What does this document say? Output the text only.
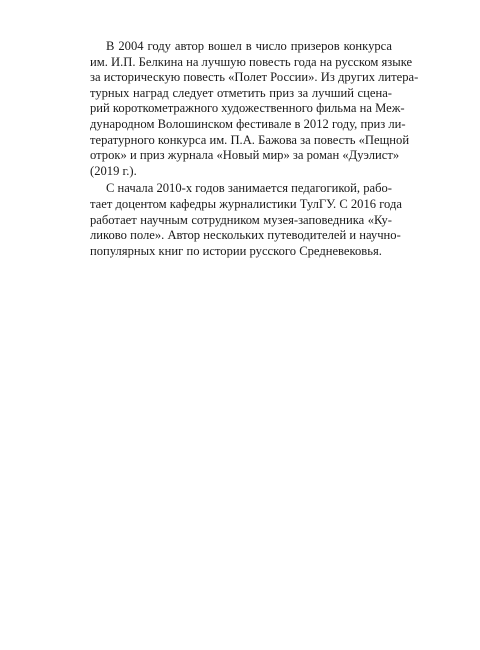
В 2004 году автор вошел в число призеров конкурса
им. И.П. Белкина на лучшую повесть года на русском языке
за историческую повесть «Полет России». Из других литера-
турных наград следует отметить приз за лучший сцена-
рий короткометражного художественного фильма на Меж-
дународном Волошинском фестивале в 2012 году, приз ли-
тературного конкурса им. П.А. Бажова за повесть «Пещной
отрок» и приз журнала «Новый мир» за роман «Дуэлист»
(2019 г.).
С начала 2010-х годов занимается педагогикой, рабо-
тает доцентом кафедры журналистики ТулГУ. С 2016 года
работает научным сотрудником музея-заповедника «Ку-
ликово поле». Автор нескольких путеводителей и научно-
популярных книг по истории русского Средневековья.
